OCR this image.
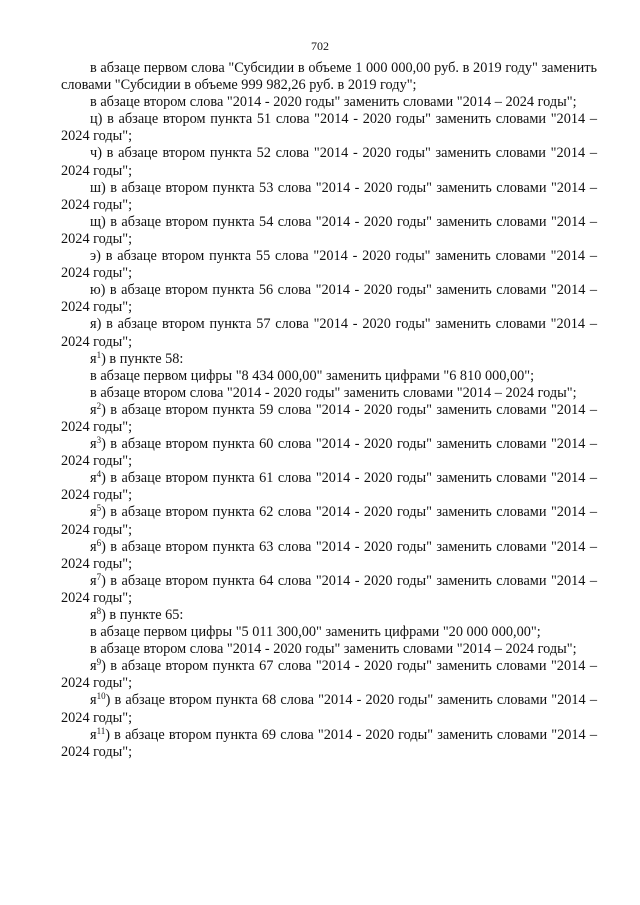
702

в абзаце первом слова "Субсидии в объеме 1 000 000,00 руб. в 2019 году" заменить словами "Субсидии в объеме 999 982,26 руб. в 2019 году";

в абзаце втором слова "2014 - 2020 годы" заменить словами "2014 – 2024 годы";

ц) в абзаце втором пункта 51 слова "2014 - 2020 годы" заменить словами "2014 – 2024 годы";

ч) в абзаце втором пункта 52 слова "2014 - 2020 годы" заменить словами "2014 – 2024 годы";

ш) в абзаце втором пункта 53 слова "2014 - 2020 годы" заменить словами "2014 – 2024 годы";

щ) в абзаце втором пункта 54 слова "2014 - 2020 годы" заменить словами "2014 – 2024 годы";

э) в абзаце втором пункта 55 слова "2014 - 2020 годы" заменить словами "2014 – 2024 годы";

ю) в абзаце втором пункта 56 слова "2014 - 2020 годы" заменить словами "2014 – 2024 годы";

я) в абзаце втором пункта 57 слова "2014 - 2020 годы" заменить словами "2014 – 2024 годы";

$я^1$) в пункте 58:

в абзаце первом цифры "8 434 000,00" заменить цифрами "6 810 000,00";

в абзаце втором слова "2014 - 2020 годы" заменить словами "2014 – 2024 годы";

$я^2$) в абзаце втором пункта 59 слова "2014 - 2020 годы" заменить словами "2014 – 2024 годы";

$я^3$) в абзаце втором пункта 60 слова "2014 - 2020 годы" заменить словами "2014 – 2024 годы";

$я^4$) в абзаце втором пункта 61 слова "2014 - 2020 годы" заменить словами "2014 – 2024 годы";

$я^5$) в абзаце втором пункта 62 слова "2014 - 2020 годы" заменить словами "2014 – 2024 годы";

$я^6$) в абзаце втором пункта 63 слова "2014 - 2020 годы" заменить словами "2014 – 2024 годы";

$я^7$) в абзаце втором пункта 64 слова "2014 - 2020 годы" заменить словами "2014 – 2024 годы";

$я^8$) в пункте 65:

в абзаце первом цифры "5 011 300,00" заменить цифрами "20 000 000,00";

в абзаце втором слова "2014 - 2020 годы" заменить словами "2014 – 2024 годы";

$я^9$) в абзаце втором пункта 67 слова "2014 - 2020 годы" заменить словами "2014 – 2024 годы";

$я^{10}$) в абзаце втором пункта 68 слова "2014 - 2020 годы" заменить словами "2014 – 2024 годы";

$я^{11}$) в абзаце втором пункта 69 слова "2014 - 2020 годы" заменить словами "2014 – 2024 годы";
